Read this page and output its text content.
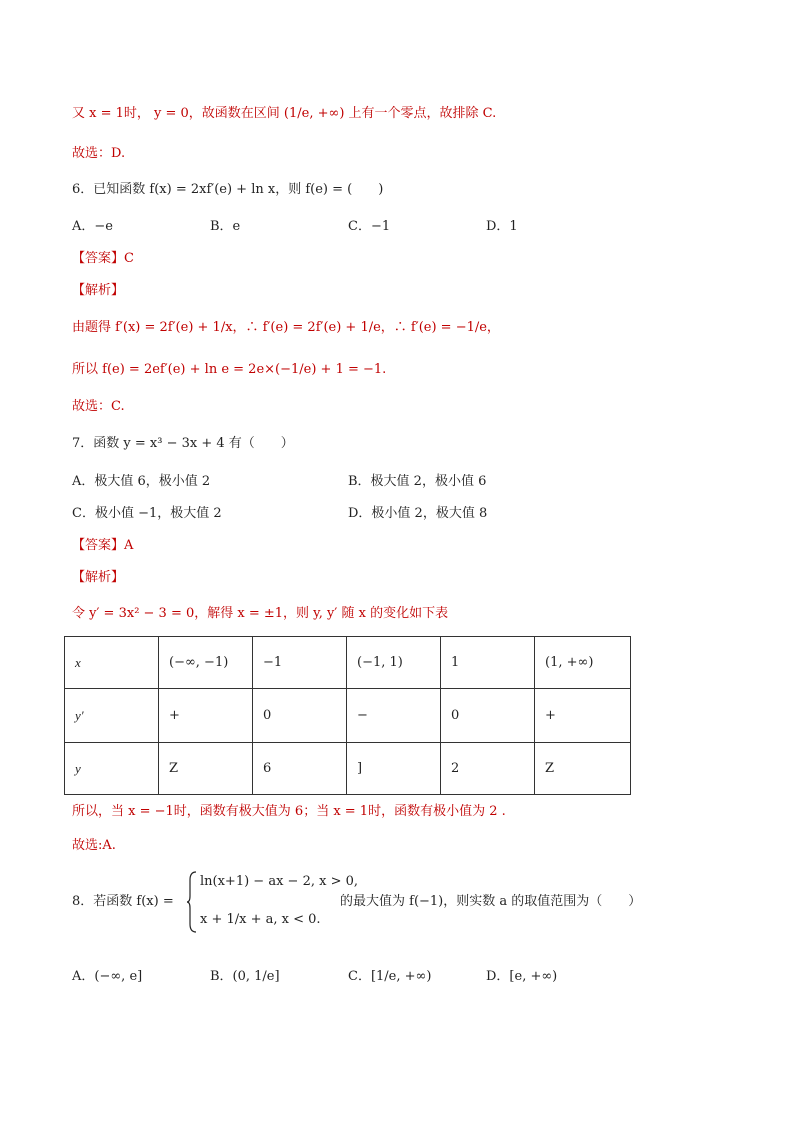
又 x = 1时， y = 0，故函数在区间 (1/e, +∞) 上有一个零点，故排除 C.
故选：D.
6．已知函数 f(x) = 2xf′(e) + ln x，则 f(e) = (　　)
A．−e	B．e	C．−1	D．1
【答案】C
【解析】
由题得 f′(x) = 2f′(e) + 1/x，∴ f′(e) = 2f′(e) + 1/e，∴ f′(e) = −1/e，
所以 f(e) = 2ef′(e) + ln e = 2e×(−1/e) + 1 = −1.
故选：C.
7．函数 y = x³ − 3x + 4 有（　　）
A．极大值 6，极小值 2	B．极大值 2，极小值 6
C．极小值 −1，极大值 2	D．极小值 2，极大值 8
【答案】A
【解析】
令 y′ = 3x² − 3 = 0，解得 x = ±1，则 y, y′ 随 x 的变化如下表
x	(−∞, −1)	−1	(−1, 1)	1	(1, +∞)
y′	+	0	−	0	+
y	Z	6	]	2	Z
所以，当 x = −1时，函数有极大值为 6；当 x = 1时，函数有极小值为 2 .
故选:A.
8．若函数 f(x) =
ln(x+1) − ax − 2, x > 0,
x + 1/x + a, x < 0.
的最大值为 f(−1)，则实数 a 的取值范围为（　　）
A．(−∞, e]	B．(0, 1/e]	C．[1/e, +∞)	D．[e, +∞)
